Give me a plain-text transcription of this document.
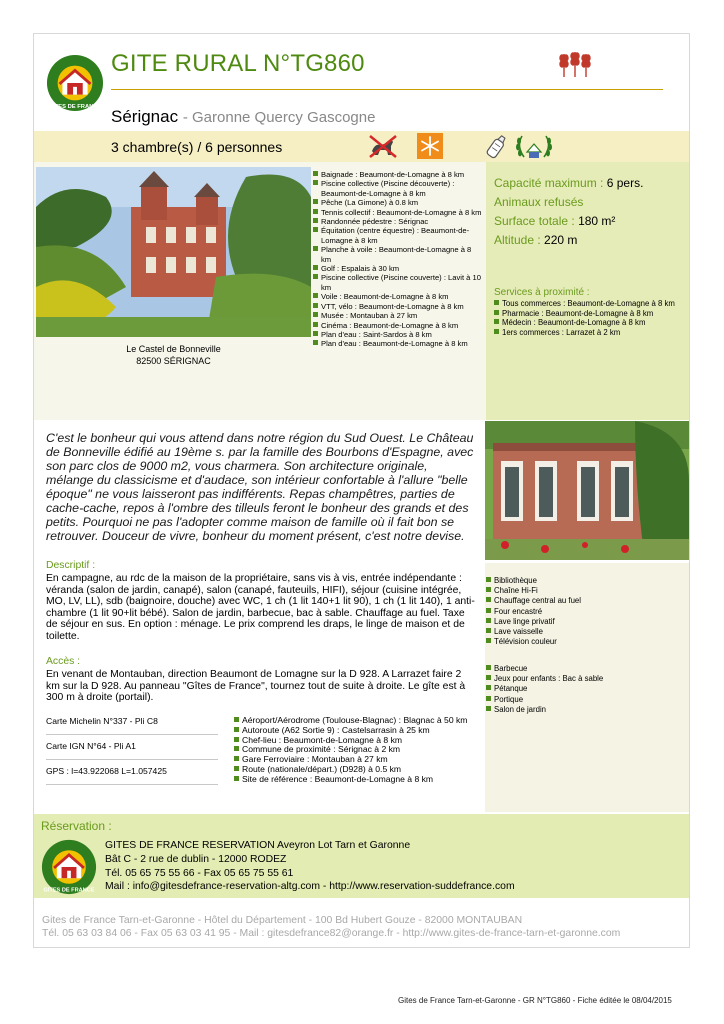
GITES DE FRANCE
GITE RURAL N°TG860
Sérignac - Garonne Quercy Gascogne
3 chambre(s) / 6 personnes
Le Castel de Bonneville
82500 SÉRIGNAC
Baignade : Beaumont-de-Lomagne à 8 km
Piscine collective (Piscine découverte) : Beaumont-de-Lomagne à 8 km
Pêche (La Gimone) à 0.8 km
Tennis collectif : Beaumont-de-Lomagne à 8 km
Randonnée pédestre : Sérignac
Équitation (centre équestre) : Beaumont-de-Lomagne à 8 km
Planche à voile : Beaumont-de-Lomagne à 8 km
Golf : Espalais à 30 km
Piscine collective (Piscine couverte) : Lavit à 10 km
Voile : Beaumont-de-Lomagne à 8 km
VTT, vélo : Beaumont-de-Lomagne à 8 km
Musée : Montauban à 27 km
Cinéma : Beaumont-de-Lomagne à 8 km
Plan d'eau : Saint-Sardos à 8 km
Plan d'eau : Beaumont-de-Lomagne à 8 km
Capacité maximum : 6 pers.
Animaux refusés
Surface totale : 180 m²
Altitude : 220 m
Services à proximité :
Tous commerces : Beaumont-de-Lomagne à 8 km
Pharmacie : Beaumont-de-Lomagne à 8 km
Médecin : Beaumont-de-Lomagne à 8 km
1ers commerces : Larrazet à 2 km
C'est le bonheur qui vous attend dans notre région du Sud Ouest. Le Château de Bonneville édifié au 19ème s. par la famille des Bourbons d'Espagne, avec son parc clos de 9000 m2, vous charmera. Son architecture originale, mélange du classicisme et d'audace, son intérieur confortable à l'allure "belle époque" ne vous laisseront pas indifférents. Repas champêtres, parties de cache-cache, repos à l'ombre des tilleuls feront le bonheur des grands et des petits. Pourquoi ne pas l'adopter comme maison de famille où il fait bon se retrouver. Douceur de vivre, bonheur du moment présent, c'est notre devise.
Descriptif :
En campagne, au rdc de la maison de la propriétaire, sans vis à vis, entrée indépendante : véranda (salon de jardin, canapé), salon (canapé, fauteuils, HIFI), séjour (cuisine intégrée, MO, LV, LL), sdb (baignoire, douche) avec WC, 1 ch (1 lit 140+1 lit 90), 1 ch (1 lit 140), 1 anti-chambre (1 lit 90+lit bébé). Salon de jardin, barbecue, bac à sable. Chauffage au fuel. Taxe de séjour en sus. En option : ménage. Le prix comprend les draps, le linge de maison et de toilette.
Bibliothèque
Chaîne Hi-Fi
Chauffage central au fuel
Four encastré
Lave linge privatif
Lave vaisselle
Télévision couleur
Barbecue
Jeux pour enfants : Bac à sable
Pétanque
Portique
Salon de jardin
Accès :
En venant de Montauban, direction Beaumont de Lomagne sur la D 928. A Larrazet faire 2 km sur la D 928. Au panneau "Gîtes de France", tournez tout de suite à droite. Le gîte est à 300 m à droite (portail).
Carte Michelin N°337 - Pli C8
Carte IGN N°64 - Pli A1
GPS : l=43.922068 L=1.057425
Aéroport/Aérodrome (Toulouse-Blagnac) : Blagnac à 50 km
Autoroute (A62 Sortie 9) : Castelsarrasin à 25 km
Chef-lieu : Beaumont-de-Lomagne à 8 km
Commune de proximité : Sérignac à 2 km
Gare Ferroviaire : Montauban à 27 km
Route (nationale/départ.) (D928) à 0.5 km
Site de référence : Beaumont-de-Lomagne à 8 km
Réservation :
GITES DE FRANCE
GITES DE FRANCE RESERVATION Aveyron Lot Tarn et Garonne
Bât C - 2 rue de dublin - 12000 RODEZ
Tél. 05 65 75 55 66 - Fax 05 65 75 55 61
Mail : info@gitesdefrance-reservation-altg.com - http://www.reservation-suddefrance.com
Gites de France Tarn-et-Garonne - Hôtel du Département - 100 Bd Hubert Gouze - 82000 MONTAUBAN
Tél. 05 63 03 84 06 - Fax 05 63 03 41 95 - Mail : gitesdefrance82@orange.fr - http://www.gites-de-france-tarn-et-garonne.com
Gites de France Tarn-et-Garonne - GR N°TG860 - Fiche éditée le 08/04/2015
